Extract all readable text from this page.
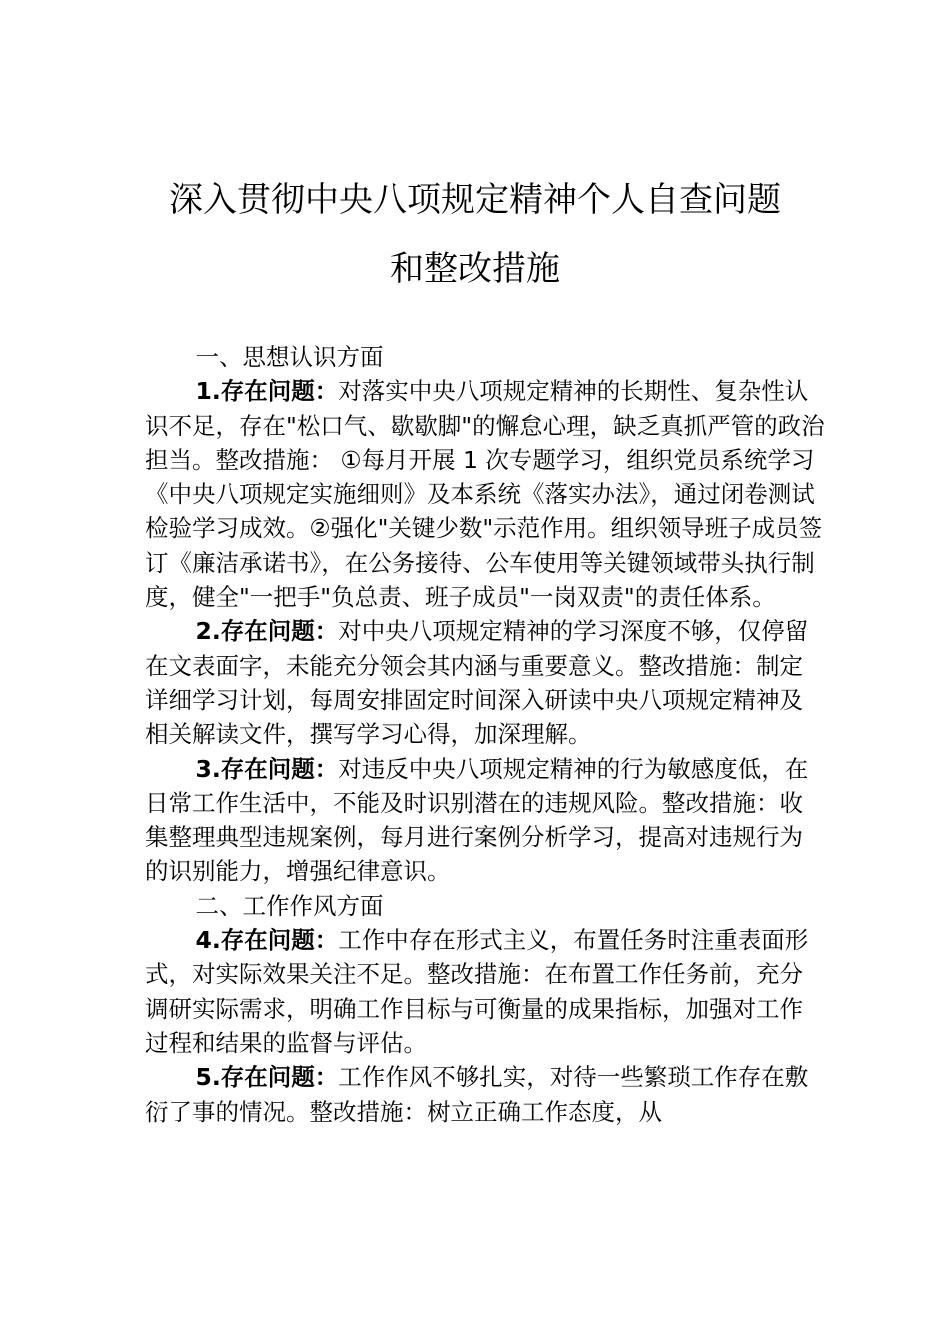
深入贯彻中央八项规定精神个人自查问题
和整改措施

一、思想认识方面

1.存在问题：对落实中央八项规定精神的长期性、复杂性认识不足，存在"松口气、歇歇脚"的懈怠心理，缺乏真抓严管的政治担当。整改措施： ①每月开展 1 次专题学习，组织党员系统学习《中央八项规定实施细则》及本系统《落实办法》，通过闭卷测试检验学习成效。②强化"关键少数"示范作用。组织领导班子成员签订《廉洁承诺书》，在公务接待、公车使用等关键领域带头执行制度，健全"一把手"负总责、班子成员"一岗双责"的责任体系。

2.存在问题：对中央八项规定精神的学习深度不够，仅停留在文表面字，未能充分领会其内涵与重要意义。整改措施：制定详细学习计划，每周安排固定时间深入研读中央八项规定精神及相关解读文件，撰写学习心得，加深理解。

3.存在问题：对违反中央八项规定精神的行为敏感度低，在日常工作生活中，不能及时识别潜在的违规风险。整改措施：收集整理典型违规案例，每月进行案例分析学习，提高对违规行为的识别能力，增强纪律意识。

二、工作作风方面

4.存在问题：工作中存在形式主义，布置任务时注重表面形式，对实际效果关注不足。整改措施：在布置工作任务前，充分调研实际需求，明确工作目标与可衡量的成果指标，加强对工作过程和结果的监督与评估。

5.存在问题：工作作风不够扎实，对待一些繁琐工作存在敷衍了事的情况。整改措施：树立正确工作态度，从
